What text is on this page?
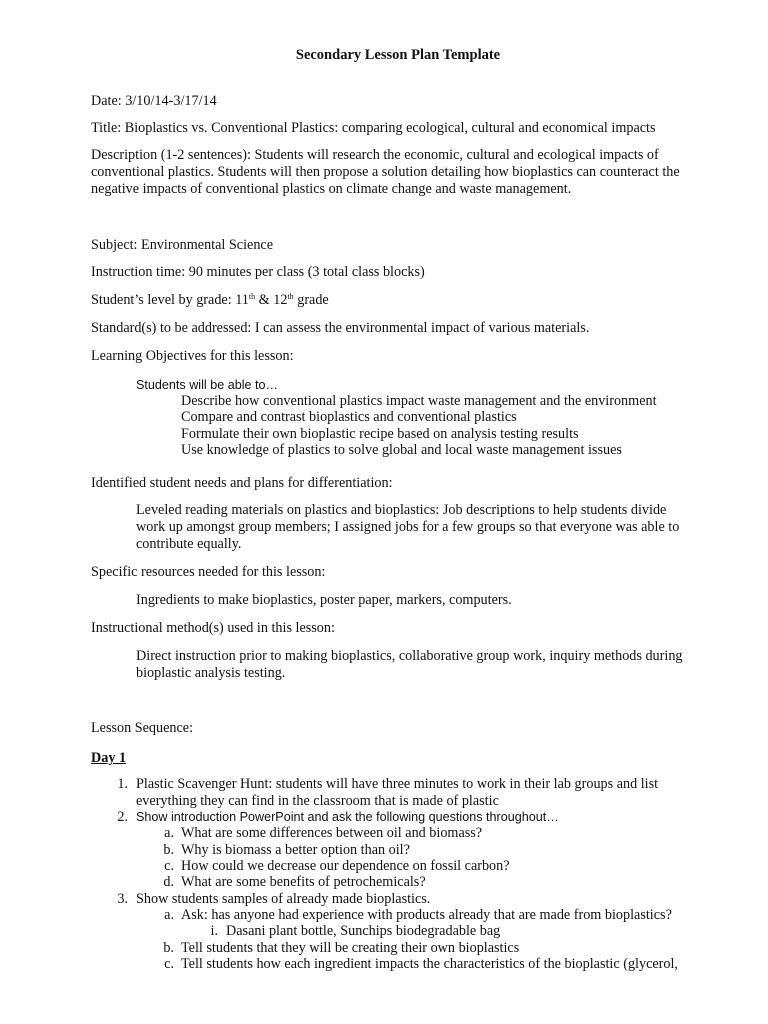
Secondary Lesson Plan Template
Date: 3/10/14-3/17/14
Title: Bioplastics vs. Conventional Plastics: comparing ecological, cultural and economical impacts
Description (1-2 sentences): Students will research the economic, cultural and ecological impacts of conventional plastics. Students will then propose a solution detailing how bioplastics can counteract the negative impacts of conventional plastics on climate change and waste management.
Subject: Environmental Science
Instruction time: 90 minutes per class (3 total class blocks)
Student’s level by grade: 11th & 12th grade
Standard(s) to be addressed: I can assess the environmental impact of various materials.
Learning Objectives for this lesson:
Students will be able to…
Describe how conventional plastics impact waste management and the environment
Compare and contrast bioplastics and conventional plastics
Formulate their own bioplastic recipe based on analysis testing results
Use knowledge of plastics to solve global and local waste management issues
Identified student needs and plans for differentiation:
Leveled reading materials on plastics and bioplastics: Job descriptions to help students divide work up amongst group members; I assigned jobs for a few groups so that everyone was able to contribute equally.
Specific resources needed for this lesson:
Ingredients to make bioplastics, poster paper, markers, computers.
Instructional method(s) used in this lesson:
Direct instruction prior to making bioplastics, collaborative group work, inquiry methods during bioplastic analysis testing.
Lesson Sequence:
Day 1
1. Plastic Scavenger Hunt: students will have three minutes to work in their lab groups and list
everything they can find in the classroom that is made of plastic
2. Show introduction PowerPoint and ask the following questions throughout…
a. What are some differences between oil and biomass?
b. Why is biomass a better option than oil?
c. How could we decrease our dependence on fossil carbon?
d. What are some benefits of petrochemicals?
3. Show students samples of already made bioplastics.
a. Ask: has anyone had experience with products already that are made from bioplastics?
i. Dasani plant bottle, Sunchips biodegradable bag
b. Tell students that they will be creating their own bioplastics
c. Tell students how each ingredient impacts the characteristics of the bioplastic (glycerol,
